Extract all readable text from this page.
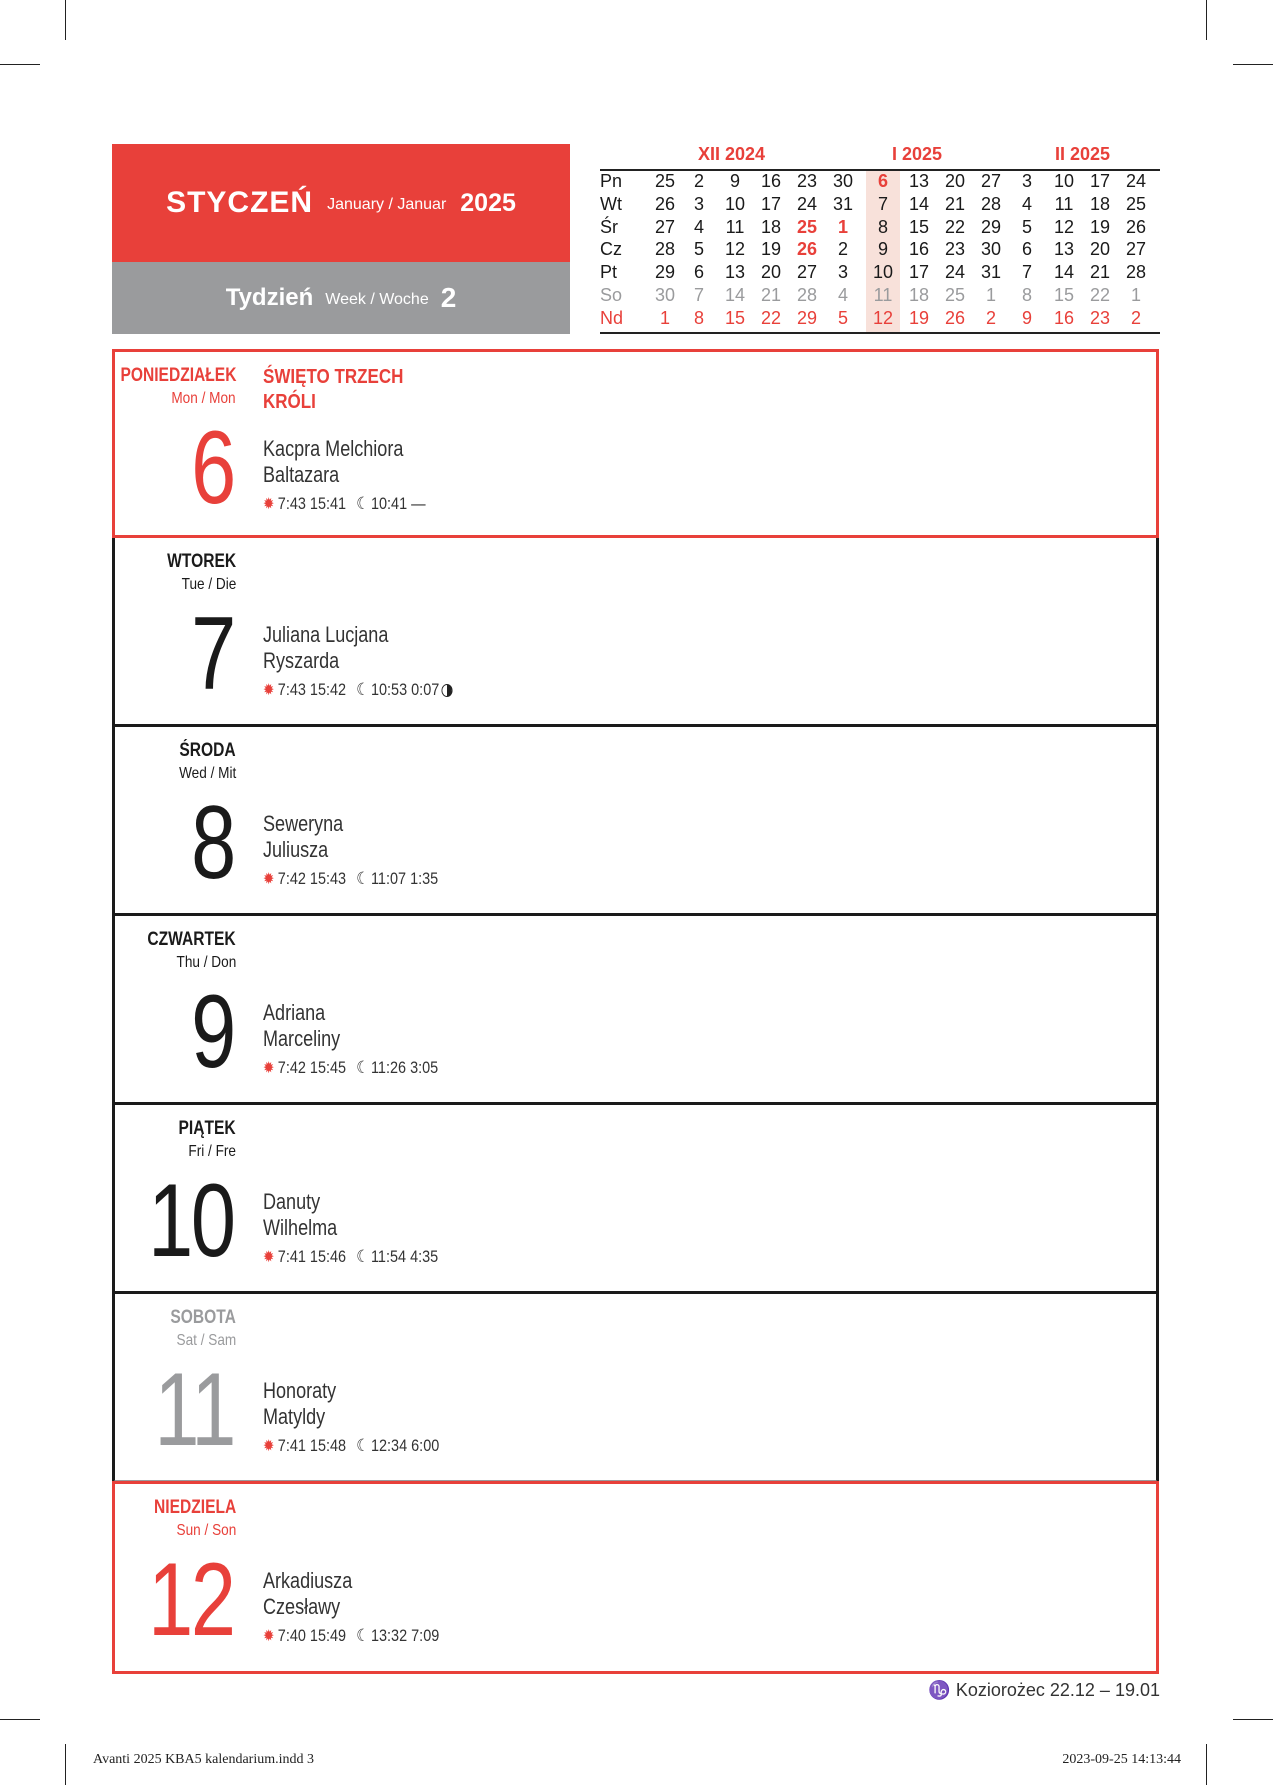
STYCZEŃ January / Januar 2025
Tydzień Week / Woche 2
XII 2024	I 2025	II 2025
Pn	25	2	9	16 23 30	6	13 20 27	3	10 17 24
Wt	26	3	10 17 24 31	7	14 21 28	4	11 18 25
Śr	27	4	11 18 25	1	8	15 22 29	5	12 19 26
Cz	28	5	12 19 26	2	9	16 23 30	6	13 20 27
Pt	29	6	13 20 27	3	10 17 24 31	7	14 21 28
So	30	7	14 21 28	4	11 18 25	1	8	15 22	1
Nd	1	8	15 22 29	5	12 19 26	2	9	16 23	2
PONIEDZIAŁEK
Mon / Mon
6
ŚWIĘTO TRZECH KRÓLI
Kacpra Melchiora
Baltazara
✹ 7:43 15:41 ☾ 10:41 —
WTOREK
Tue / Die
7 Juliana Lucjana
Ryszarda
✹ 7:43 15:42 ☾ 10:53 0:07
ŚRODA
Wed / Mit
8 Seweryna
Juliusza
✹ 7:42 15:43 ☾ 11:07 1:35
CZWARTEK
Thu / Don
9 Adriana
Marceliny
✹ 7:42 15:45 ☾ 11:26 3:05
PIĄTEK
Fri / Fre
10 Danuty
Wilhelma
✹ 7:41 15:46 ☾ 11:54 4:35
SOBOTA
Sat / Sam
11 Honoraty
Matyldy
✹ 7:41 15:48 ☾ 12:34 6:00
NIEDZIELA
Sun / Son
12 Arkadiusza
Czesławy
✹ 7:40 15:49 ☾ 13:32 7:09
♑ Koziorożec 22.12 – 19.01
Avanti 2025 KBA5 kalendarium.indd 3	2023-09-25 14:13:44
